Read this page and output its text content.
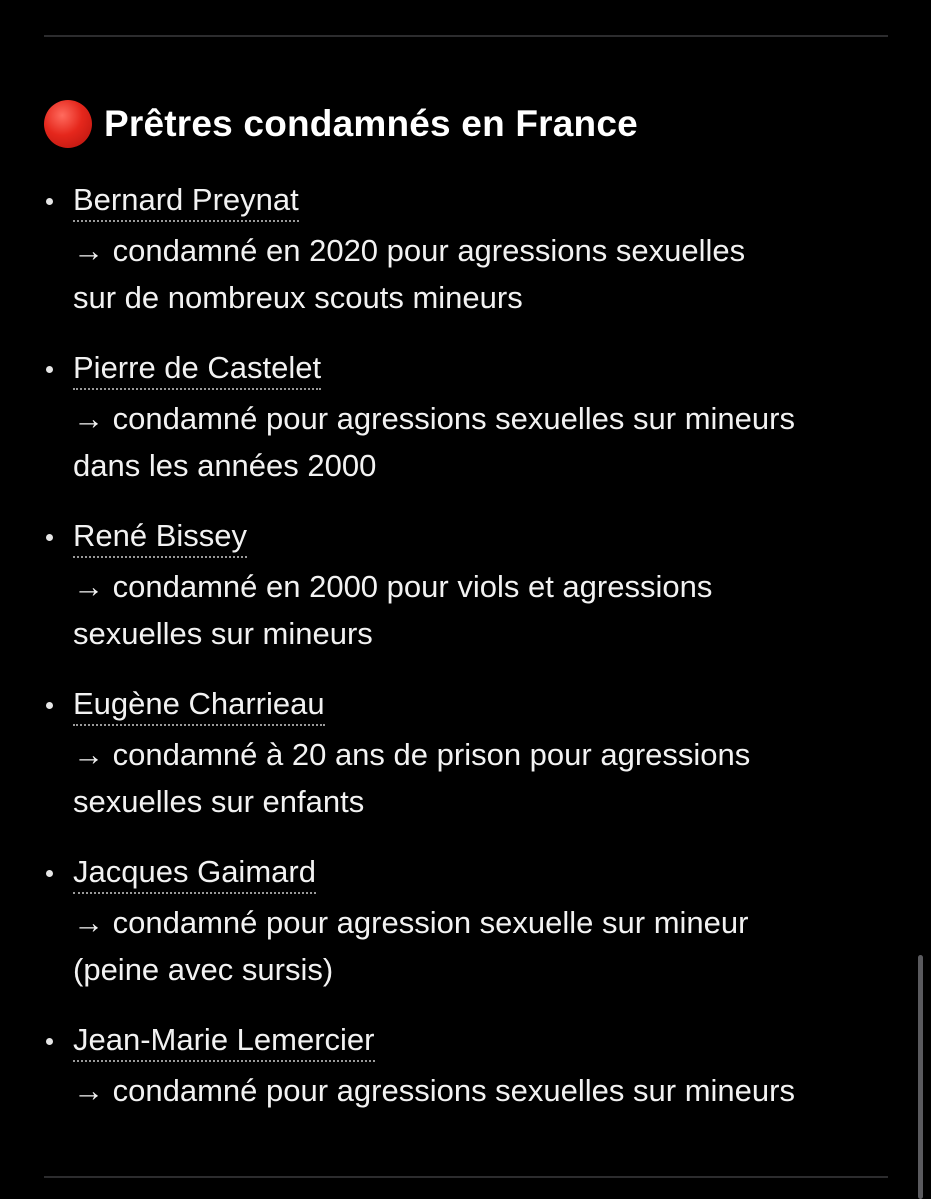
Prêtres condamnés en France
Bernard Preynat
→ condamné en 2020 pour agressions sexuelles
sur de nombreux scouts mineurs
Pierre de Castelet
→ condamné pour agressions sexuelles sur mineurs
dans les années 2000
René Bissey
→ condamné en 2000 pour viols et agressions
sexuelles sur mineurs
Eugène Charrieau
→ condamné à 20 ans de prison pour agressions
sexuelles sur enfants
Jacques Gaimard
→ condamné pour agression sexuelle sur mineur
(peine avec sursis)
Jean-Marie Lemercier
→ condamné pour agressions sexuelles sur mineurs
